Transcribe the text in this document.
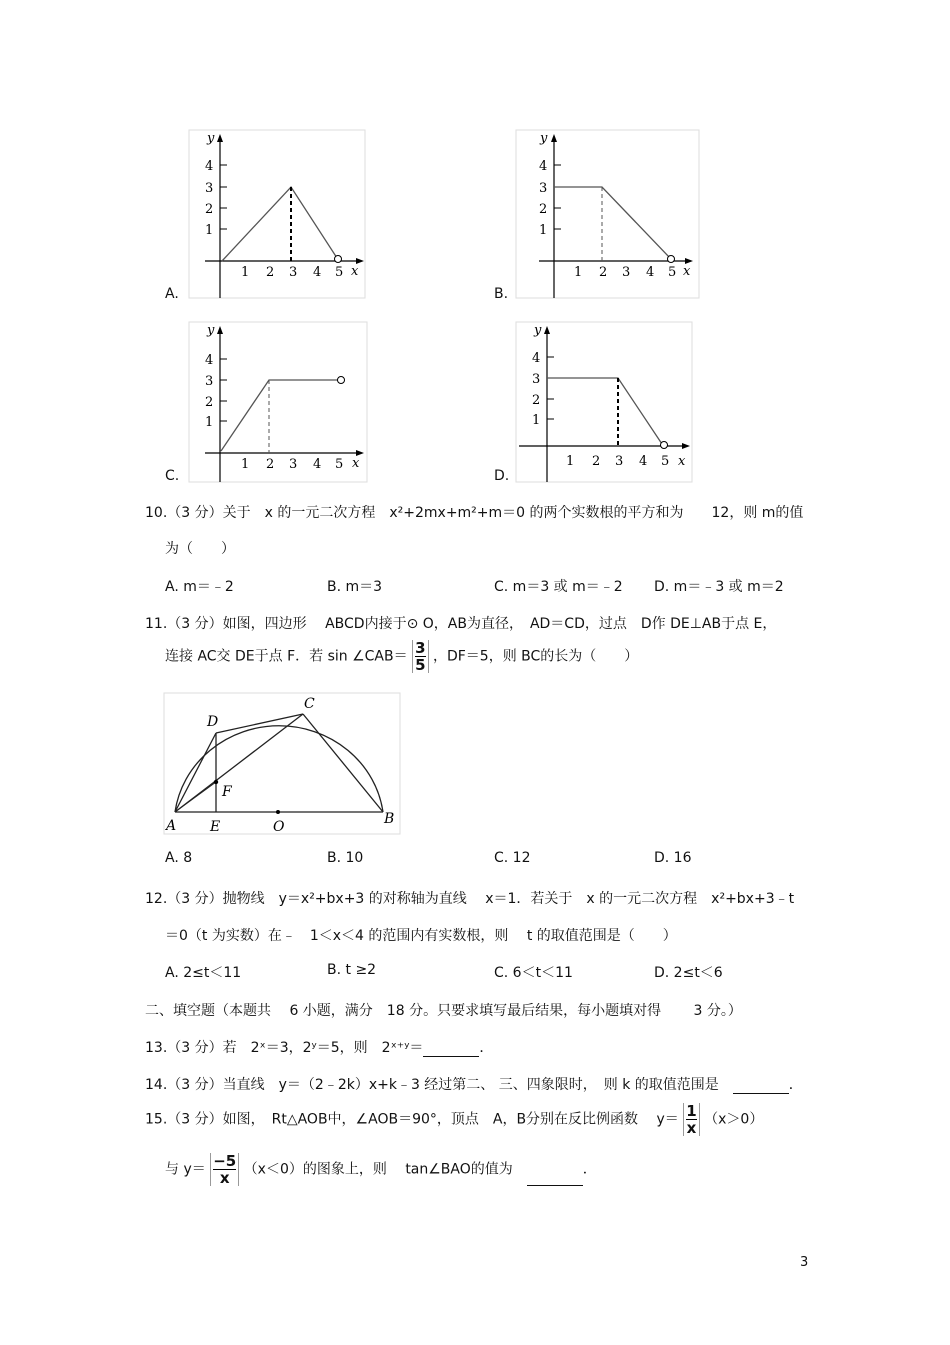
y
x
4
3
2
1
1 2 3 4 5
A.
y
x
4
3
2
1
1 2 3 4 5
B.
y
x
4
3
2
1
1 2 3 4 5
C.
y
x
4
3
2
1
1 2 3 4 5
D.
10.（3 分）关于　x 的一元二次方程　x²+2mx+m²+m＝0 的两个实数根的平方和为　　12，则 m的值
为（　　）
A. m＝﹣2	B. m＝3	C. m＝3 或 m＝﹣2 D. m＝﹣3 或 m＝2
11.（3 分）如图，四边形　 ABCD内接于⊙ O，AB为直径，　AD＝CD，过点　D作 DE⊥AB于点 E，
连接 AC交 DE于点 F．若 sin ∠CAB＝ $\frac{3}{5}$ ，DF＝5，则 BC的长为（　　）
A E	O	B
D
C
F
A. 8	B. 10	C. 12	D. 16
12.（3 分）抛物线　y＝x²+bx+3 的对称轴为直线　 x＝1．若关于　x 的一元二次方程　x²+bx+3﹣t
＝0（t 为实数）在﹣　1＜x＜4 的范围内有实数根，则　 t 的取值范围是（　　）
A. 2≤t＜11	B. t ≥2	C. 6＜t＜11	D. 2≤t＜6
二、填空题（本题共　 6 小题，满分　18 分。只要求填写最后结果，每小题填对得　　 3 分。）
13.（3 分）若　2ˣ＝3，2ʸ＝5，则　2ˣ⁺ʸ＝	．
14.（3 分）当直线　y＝（2﹣2k）x+k﹣3 经过第二、 三、四象限时，　则 k 的取值范围是　	．
15.（3 分）如图，　Rt△AOB中，∠AOB＝90°，顶点　A，B分别在反比例函数　 $y= \frac{1}{x} (x>0)$
与 $y= \frac{-5}{x} (x<0)$的图象上，则　 tan∠BAO的值为　	．
3
